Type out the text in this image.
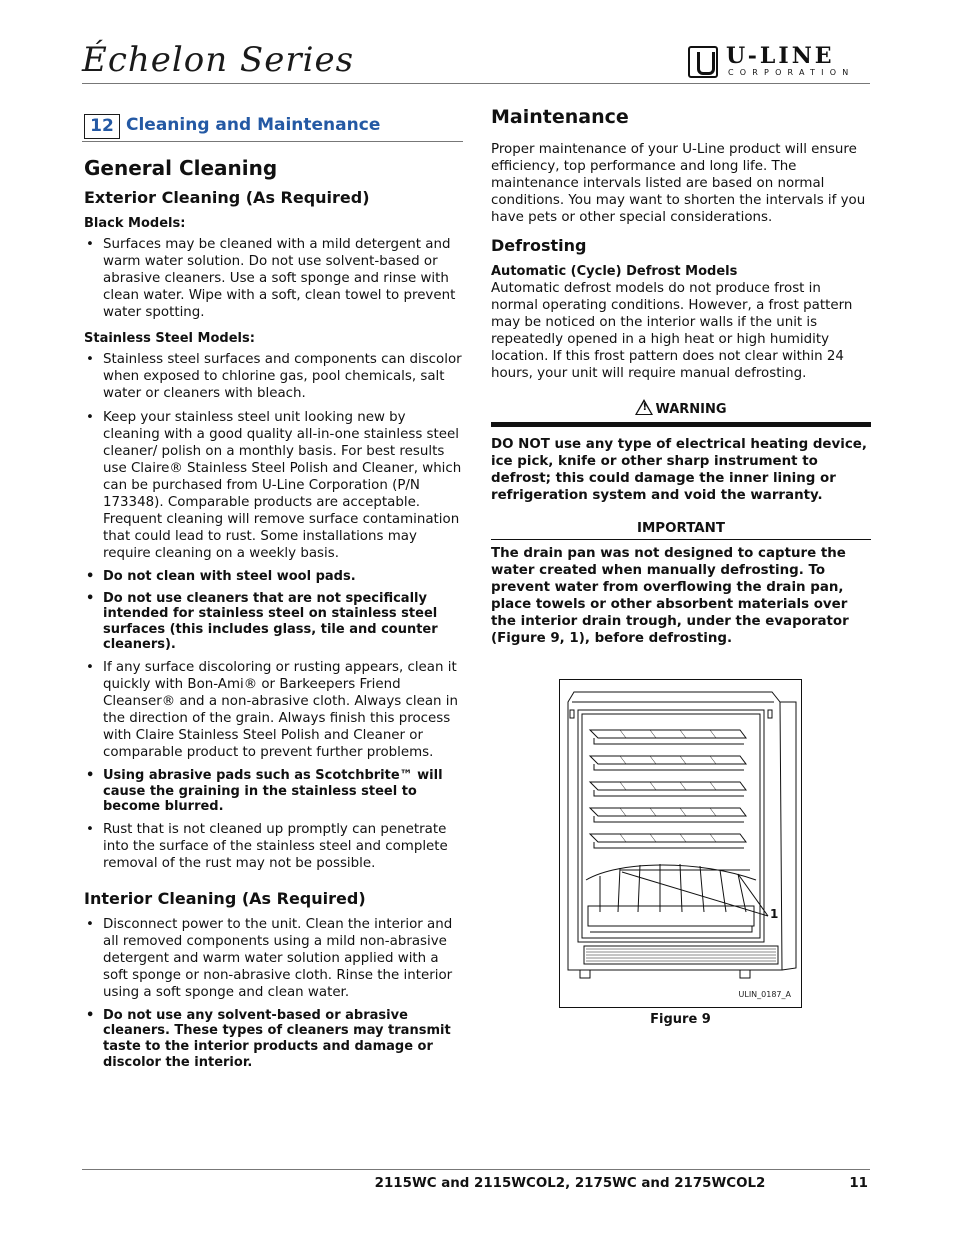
Échelon Series	U-LINE
CORPORATION
12 Cleaning and Maintenance
General Cleaning
Exterior Cleaning (As Required)
Black Models:
• Surfaces may be cleaned with a mild detergent and warm water solution. Do not use solvent-based or abrasive cleaners. Use a soft sponge and rinse with clean water. Wipe with a soft, clean towel to prevent water spotting.
Stainless Steel Models:
• Stainless steel surfaces and components can discolor when exposed to chlorine gas, pool chemicals, salt water or cleaners with bleach.
• Keep your stainless steel unit looking new by cleaning with a good quality all-in-one stainless steel cleaner/ polish on a monthly basis. For best results use Claire® Stainless Steel Polish and Cleaner, which can be purchased from U-Line Corporation (P/N 173348). Comparable products are acceptable. Frequent cleaning will remove surface contamination that could lead to rust. Some installations may require cleaning on a weekly basis.
• Do not clean with steel wool pads.
• Do not use cleaners that are not specifically intended for stainless steel on stainless steel surfaces (this includes glass, tile and counter cleaners).
• If any surface discoloring or rusting appears, clean it quickly with Bon-Ami® or Barkeepers Friend Cleanser® and a non-abrasive cloth. Always clean in the direction of the grain. Always finish this process with Claire Stainless Steel Polish and Cleaner or comparable product to prevent further problems.
• Using abrasive pads such as Scotchbrite™ will cause the graining in the stainless steel to become blurred.
• Rust that is not cleaned up promptly can penetrate into the surface of the stainless steel and complete removal of the rust may not be possible.
Interior Cleaning (As Required)
• Disconnect power to the unit. Clean the interior and all removed components using a mild non-abrasive detergent and warm water solution applied with a soft sponge or non-abrasive cloth. Rinse the interior using a soft sponge and clean water.
• Do not use any solvent-based or abrasive cleaners. These types of cleaners may transmit taste to the interior products and damage or discolor the interior.
Maintenance

Proper maintenance of your U-Line product will ensure efficiency, top performance and long life. The maintenance intervals listed are based on normal conditions. You may want to shorten the intervals if you have pets or other special considerations.

Defrosting
Automatic (Cycle) Defrost Models

Automatic defrost models do not produce frost in normal operating conditions. However, a frost pattern may be noticed on the interior walls if the unit is repeatedly opened in a high heat or high humidity location. If this frost pattern does not clear within 24 hours, your unit will require manual defrosting.

! WARNING

DO NOT use any type of electrical heating device, ice pick, knife or other sharp instrument to defrost; this could damage the inner lining or refrigeration system and void the warranty.

IMPORTANT

The drain pan was not designed to capture the water created when manually defrosting. To prevent water from overflowing the drain pan, place towels or other absorbent materials over the interior drain trough, under the evaporator (Figure 9, 1), before defrosting.

1
ULIN_0187_A
Figure 9
2115WC and 2115WCOL2, 2175WC and 2175WCOL2	11
